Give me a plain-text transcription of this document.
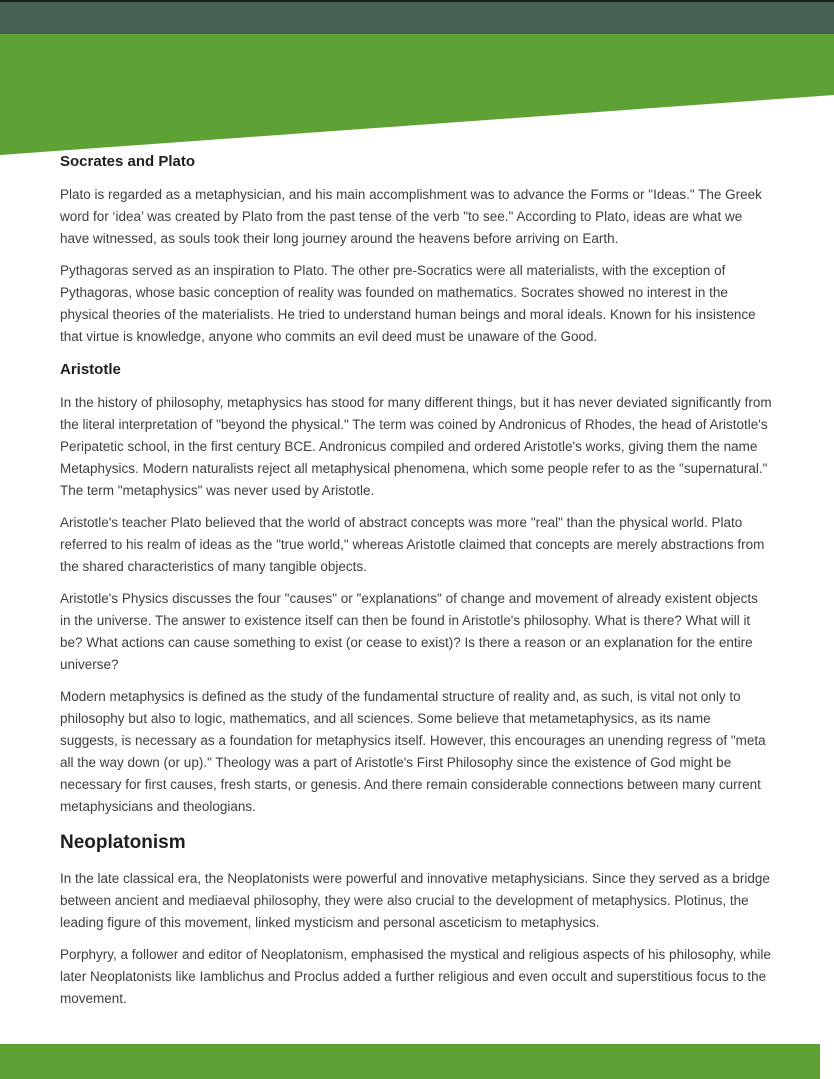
Socrates and Plato

Plato is regarded as a metaphysician, and his main accomplishment was to advance the Forms or "Ideas." The Greek word for ‘idea’ was created by Plato from the past tense of the verb "to see." According to Plato, ideas are what we have witnessed, as souls took their long journey around the heavens before arriving on Earth.

Pythagoras served as an inspiration to Plato. The other pre-Socratics were all materialists, with the exception of Pythagoras, whose basic conception of reality was founded on mathematics. Socrates showed no interest in the physical theories of the materialists. He tried to understand human beings and moral ideals. Known for his insistence that virtue is knowledge, anyone who commits an evil deed must be unaware of the Good.

Aristotle

In the history of philosophy, metaphysics has stood for many different things, but it has never deviated significantly from the literal interpretation of "beyond the physical." The term was coined by Andronicus of Rhodes, the head of Aristotle's Peripatetic school, in the first century BCE. Andronicus compiled and ordered Aristotle's works, giving them the name Metaphysics. Modern naturalists reject all metaphysical phenomena, which some people refer to as the "supernatural." The term "metaphysics" was never used by Aristotle.

Aristotle's teacher Plato believed that the world of abstract concepts was more "real" than the physical world. Plato referred to his realm of ideas as the "true world," whereas Aristotle claimed that concepts are merely abstractions from the shared characteristics of many tangible objects.

Aristotle's Physics discusses the four "causes" or "explanations" of change and movement of already existent objects in the universe. The answer to existence itself can then be found in Aristotle's philosophy. What is there? What will it be? What actions can cause something to exist (or cease to exist)? Is there a reason or an explanation for the entire universe?

Modern metaphysics is defined as the study of the fundamental structure of reality and, as such, is vital not only to philosophy but also to logic, mathematics, and all sciences. Some believe that metametaphysics, as its name suggests, is necessary as a foundation for metaphysics itself. However, this encourages an unending regress of "meta all the way down (or up)." Theology was a part of Aristotle's First Philosophy since the existence of God might be necessary for first causes, fresh starts, or genesis. And there remain considerable connections between many current metaphysicians and theologians.

Neoplatonism

In the late classical era, the Neoplatonists were powerful and innovative metaphysicians. Since they served as a bridge between ancient and mediaeval philosophy, they were also crucial to the development of metaphysics. Plotinus, the leading figure of this movement, linked mysticism and personal asceticism to metaphysics.

Porphyry, a follower and editor of Neoplatonism, emphasised the mystical and religious aspects of his philosophy, while later Neoplatonists like Iamblichus and Proclus added a further religious and even occult and superstitious focus to the movement.
